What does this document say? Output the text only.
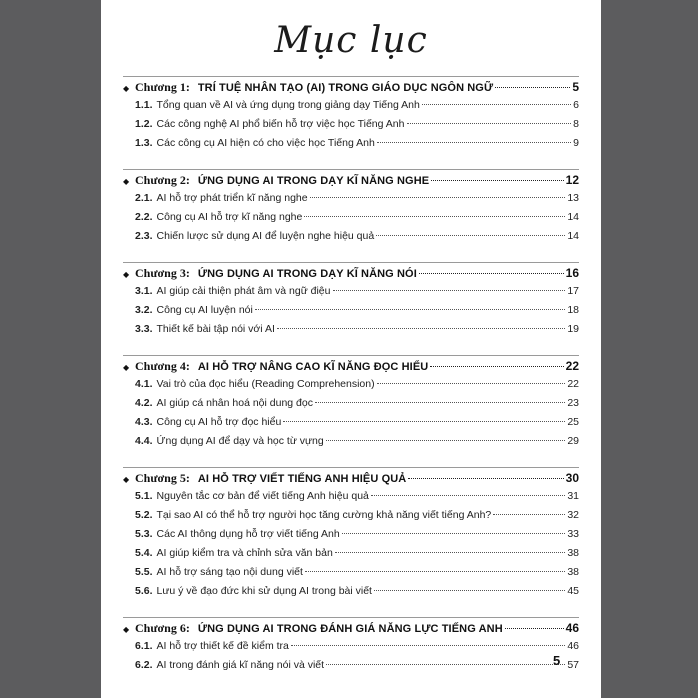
Mục lục
◆ Chương 1: TRÍ TUỆ NHÂN TẠO (AI) TRONG GIÁO DỤC NGÔN NGỮ	5
1.1. Tổng quan về AI và ứng dụng trong giảng dạy Tiếng Anh	6
1.2. Các công nghệ AI phổ biến hỗ trợ việc học Tiếng Anh	8
1.3. Các công cụ AI hiện có cho việc học Tiếng Anh	9
◆ Chương 2: ỨNG DỤNG AI TRONG DẠY KĨ NĂNG NGHE	12
2.1. AI hỗ trợ phát triển kĩ năng nghe	13
2.2. Công cụ AI hỗ trợ kĩ năng nghe	14
2.3. Chiến lược sử dụng AI để luyện nghe hiệu quả	14
◆ Chương 3: ỨNG DỤNG AI TRONG DẠY KĨ NĂNG NÓI	16
3.1. AI giúp cải thiện phát âm và ngữ điệu	17
3.2. Công cụ AI luyện nói	18
3.3. Thiết kế bài tập nói với AI	19
◆ Chương 4: AI HỖ TRỢ NÂNG CAO KĨ NĂNG ĐỌC HIỂU	22
4.1. Vai trò của đọc hiểu (Reading Comprehension)	22
4.2. AI giúp cá nhân hoá nội dung đọc	23
4.3. Công cụ AI hỗ trợ đọc hiểu	25
4.4. Ứng dụng AI để dạy và học từ vựng	29
◆ Chương 5: AI HỖ TRỢ VIẾT TIẾNG ANH HIỆU QUẢ	30
5.1. Nguyên tắc cơ bản để viết tiếng Anh hiệu quả	31
5.2. Tại sao AI có thể hỗ trợ người học tăng cường khả năng viết tiếng Anh?	32
5.3. Các AI thông dụng hỗ trợ viết tiếng Anh	33
5.4. AI giúp kiểm tra và chỉnh sửa văn bản	38
5.5. AI hỗ trợ sáng tạo nội dung viết	38
5.6. Lưu ý về đạo đức khi sử dụng AI trong bài viết	45
◆ Chương 6: ỨNG DỤNG AI TRONG ĐÁNH GIÁ NĂNG LỰC TIẾNG ANH	46
6.1. AI hỗ trợ thiết kế đề kiểm tra	46
6.2. AI trong đánh giá kĩ năng nói và viết	57
5
